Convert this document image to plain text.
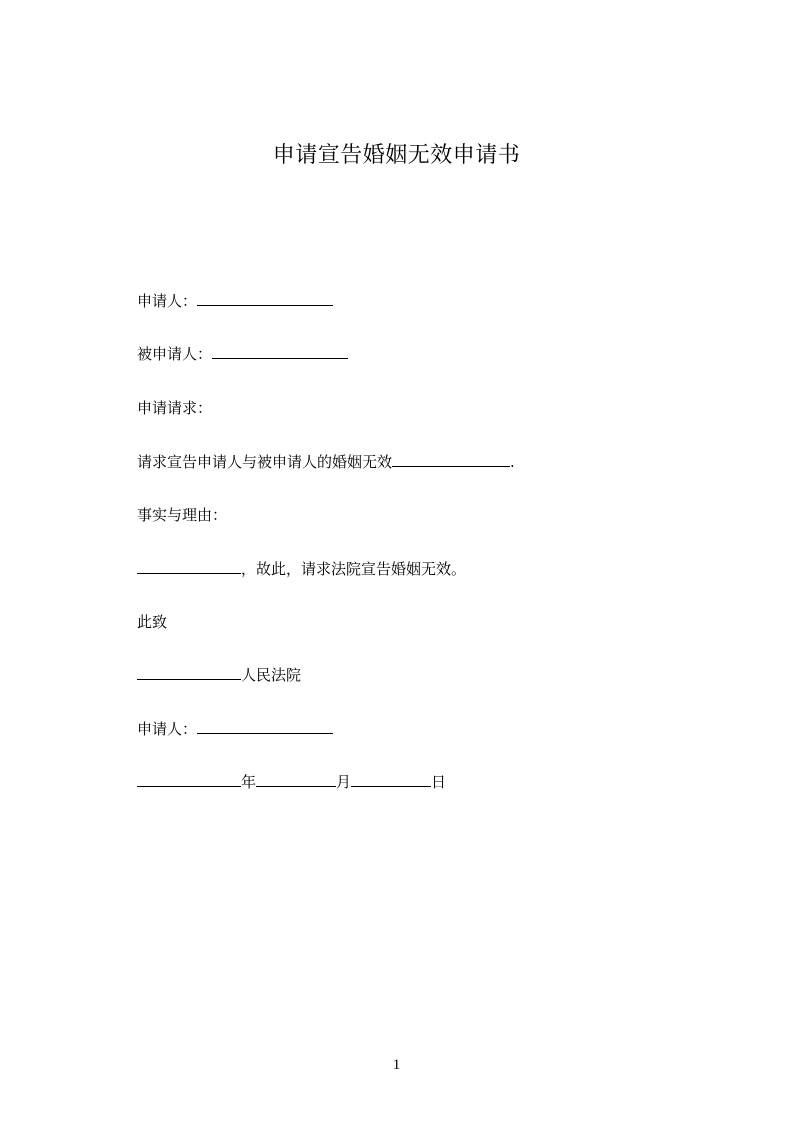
申请宣告婚姻无效申请书
申请人：
被申请人：
申请请求：
请求宣告申请人与被申请人的婚姻无效	.
事实与理由：
，故此，请求法院宣告婚姻无效。
此致
人民法院
申请人：
年	月	日
1
